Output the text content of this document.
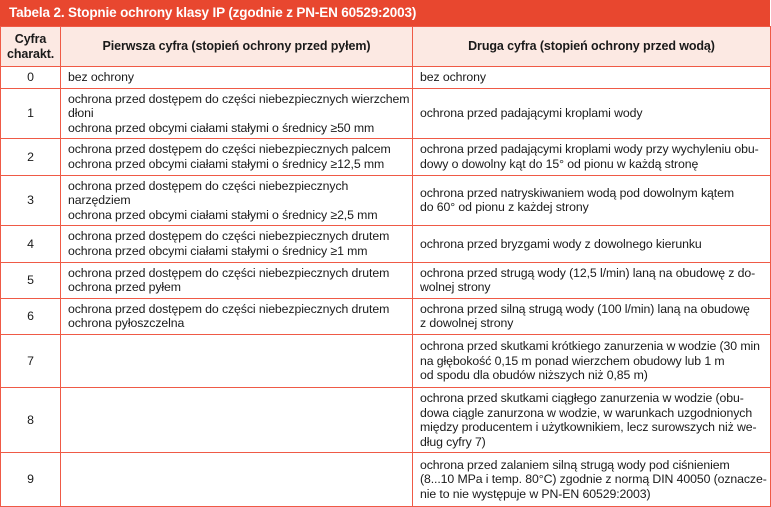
Tabela 2. Stopnie ochrony klasy IP (zgodnie z PN-EN 60529:2003)
Cyfra
charakt.	Pierwsza cyfra (stopień ochrony przed pyłem)	Druga cyfra (stopień ochrony przed wodą)
0	bez ochrony	bez ochrony

1	ochrona przed dostępem do części niebezpiecznych wierzchem
dłoni
ochrona przed obcymi ciałami stałymi o średnicy ≥50 mm	ochrona przed padającymi kroplami wody

2	ochrona przed dostępem do części niebezpiecznych palcem
ochrona przed obcymi ciałami stałymi o średnicy ≥12,5 mm	ochrona przed padającymi kroplami wody przy wychyleniu obu-
dowy o dowolny kąt do 15° od pionu w każdą stronę

3	ochrona przed dostępem do części niebezpiecznych
narzędziem
ochrona przed obcymi ciałami stałymi o średnicy ≥2,5 mm	ochrona przed natryskiwaniem wodą pod dowolnym kątem
do 60° od pionu z każdej strony

4	ochrona przed dostępem do części niebezpiecznych drutem
ochrona przed obcymi ciałami stałymi o średnicy ≥1 mm	ochrona przed bryzgami wody z dowolnego kierunku

5	ochrona przed dostępem do części niebezpiecznych drutem
ochrona przed pyłem	ochrona przed strugą wody (12,5 l/min) laną na obudowę z do-
wolnej strony

6	ochrona przed dostępem do części niebezpiecznych drutem
ochrona pyłoszczelna	ochrona przed silną strugą wody (100 l/min) laną na obudowę
z dowolnej strony

7		ochrona przed skutkami krótkiego zanurzenia w wodzie (30 min
na głębokość 0,15 m ponad wierzchem obudowy lub 1 m
od spodu dla obudów niższych niż 0,85 m)

8		ochrona przed skutkami ciągłego zanurzenia w wodzie (obu-
dowa ciągle zanurzona w wodzie, w warunkach uzgodnionych
między producentem i użytkownikiem, lecz surowszych niż we-
dług cyfry 7)

9		ochrona przed zalaniem silną strugą wody pod ciśnieniem
(8...10 MPa i temp. 80°C) zgodnie z normą DIN 40050 (oznacze-
nie to nie występuje w PN-EN 60529:2003)
